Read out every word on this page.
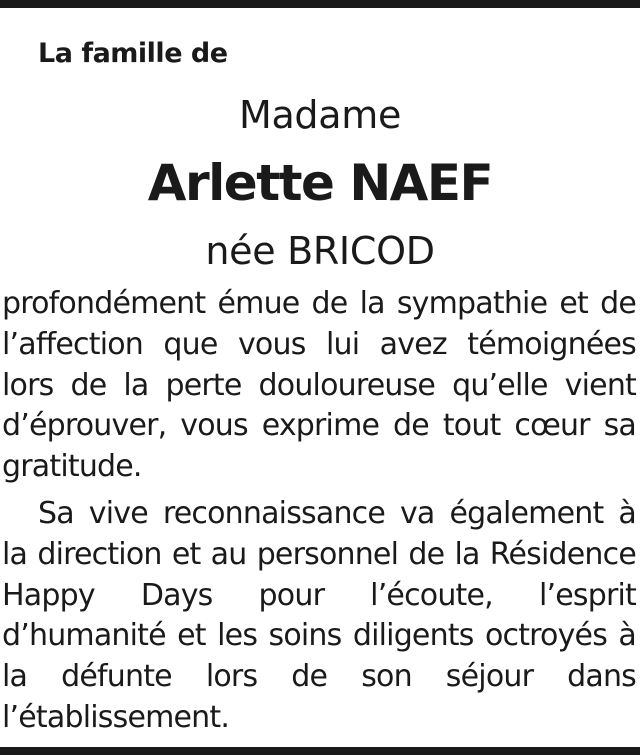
La famille de
Madame
Arlette NAEF
née BRICOD

profondément émue de la sympathie et de l’affection que vous lui avez témoignées lors de la perte douloureuse qu’elle vient d’éprouver, vous exprime de tout cœur sa gratitude.

Sa vive reconnaissance va également à la direction et au personnel de la Résidence Happy Days pour l’écoute, l’esprit d’humanité et les soins diligents octroyés à la défunte lors de son séjour dans l’établissement.
